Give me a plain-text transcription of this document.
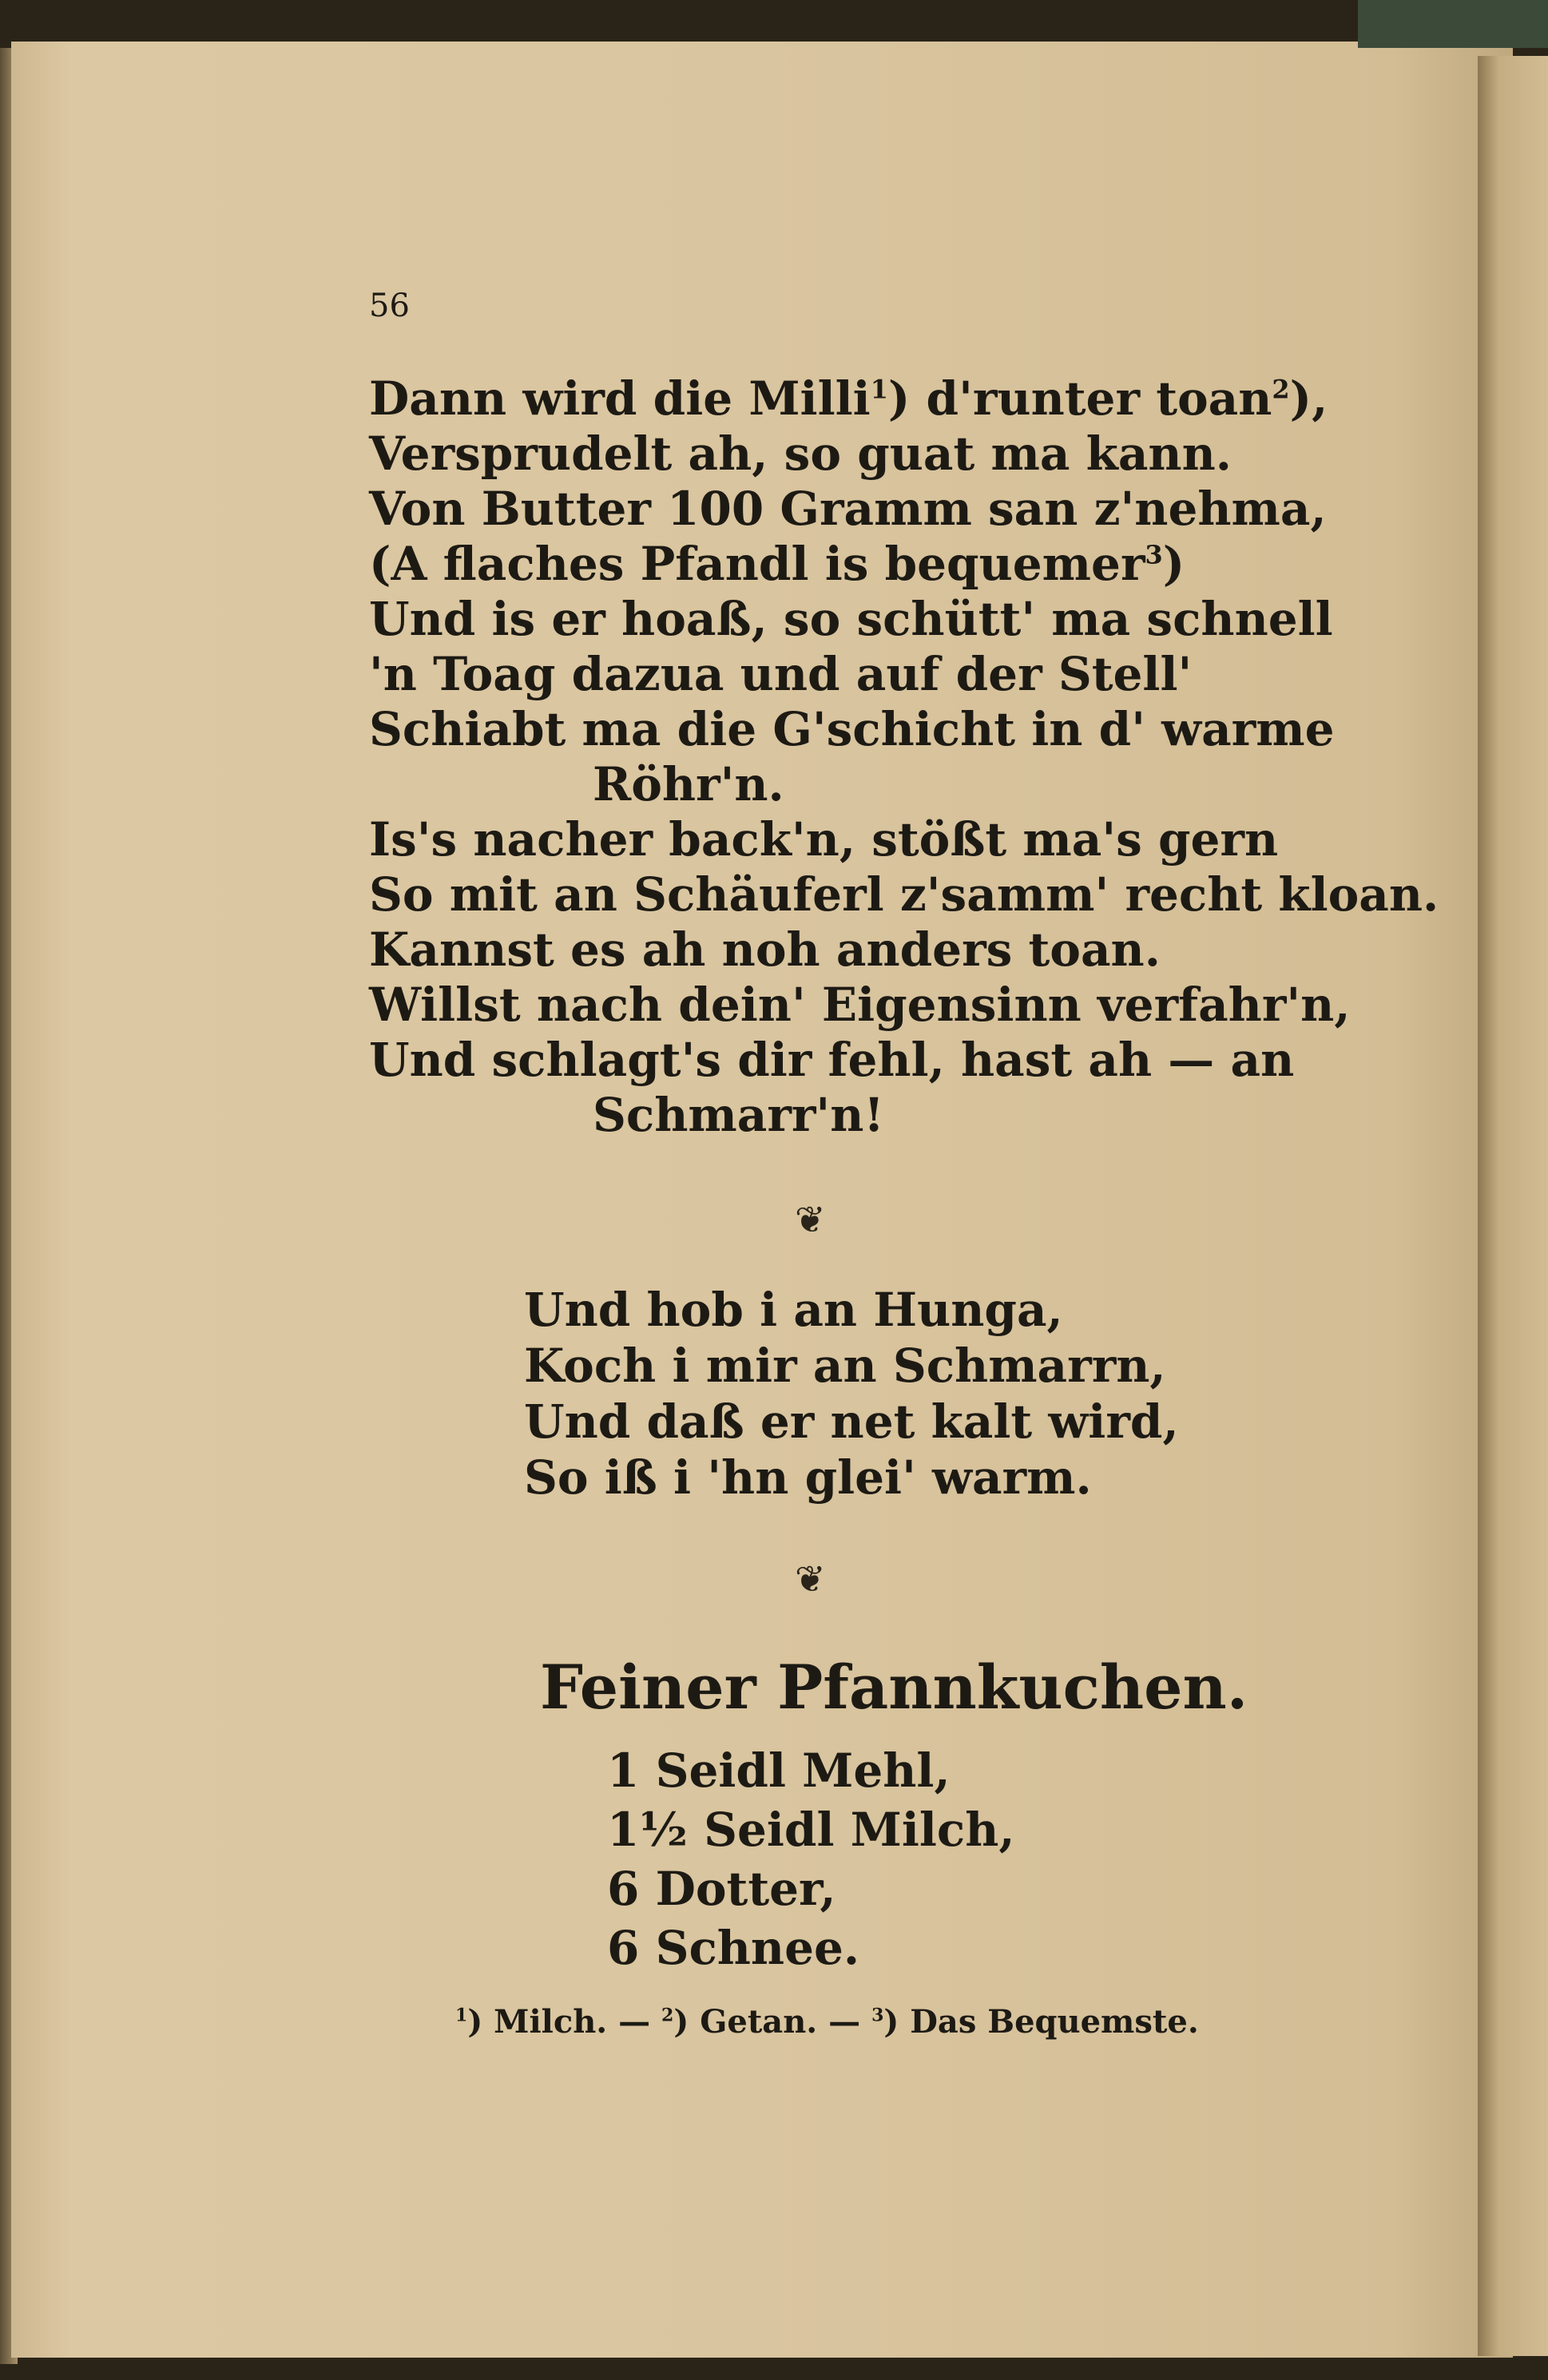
56
Dann wird die Milli$^1$) d'runter toan$^2$),
Versprudelt ah, so guat ma kann.
Von Butter 100 Gramm san z'nehma,
(A flaches Pfandl is bequemer$^3$)
Und is er hoaß, so schütt' ma schnell
'n Toag dazua und auf der Stell'
Schiabt ma die G'schicht in d' warme
Röhr'n.
Is's nacher back'n, stößt ma's gern
So mit an Schäuferl z'samm' recht kloan.
Kannst es ah noh anders toan.
Willst nach dein' Eigensinn verfahr'n,
Und schlagt's dir fehl, hast ah — an
Schmarr'n!
❦
Und hob i an Hunga,
Koch i mir an Schmarrn,
Und daß er net kalt wird,
So iß i 'hn glei' warm.
❦
Feiner Pfannkuchen.
1 Seidl Mehl,
1½ Seidl Milch,
6 Dotter,
6 Schnee.
$^1$) Milch. — $^2$) Getan. — $^3$) Das Bequemste.
